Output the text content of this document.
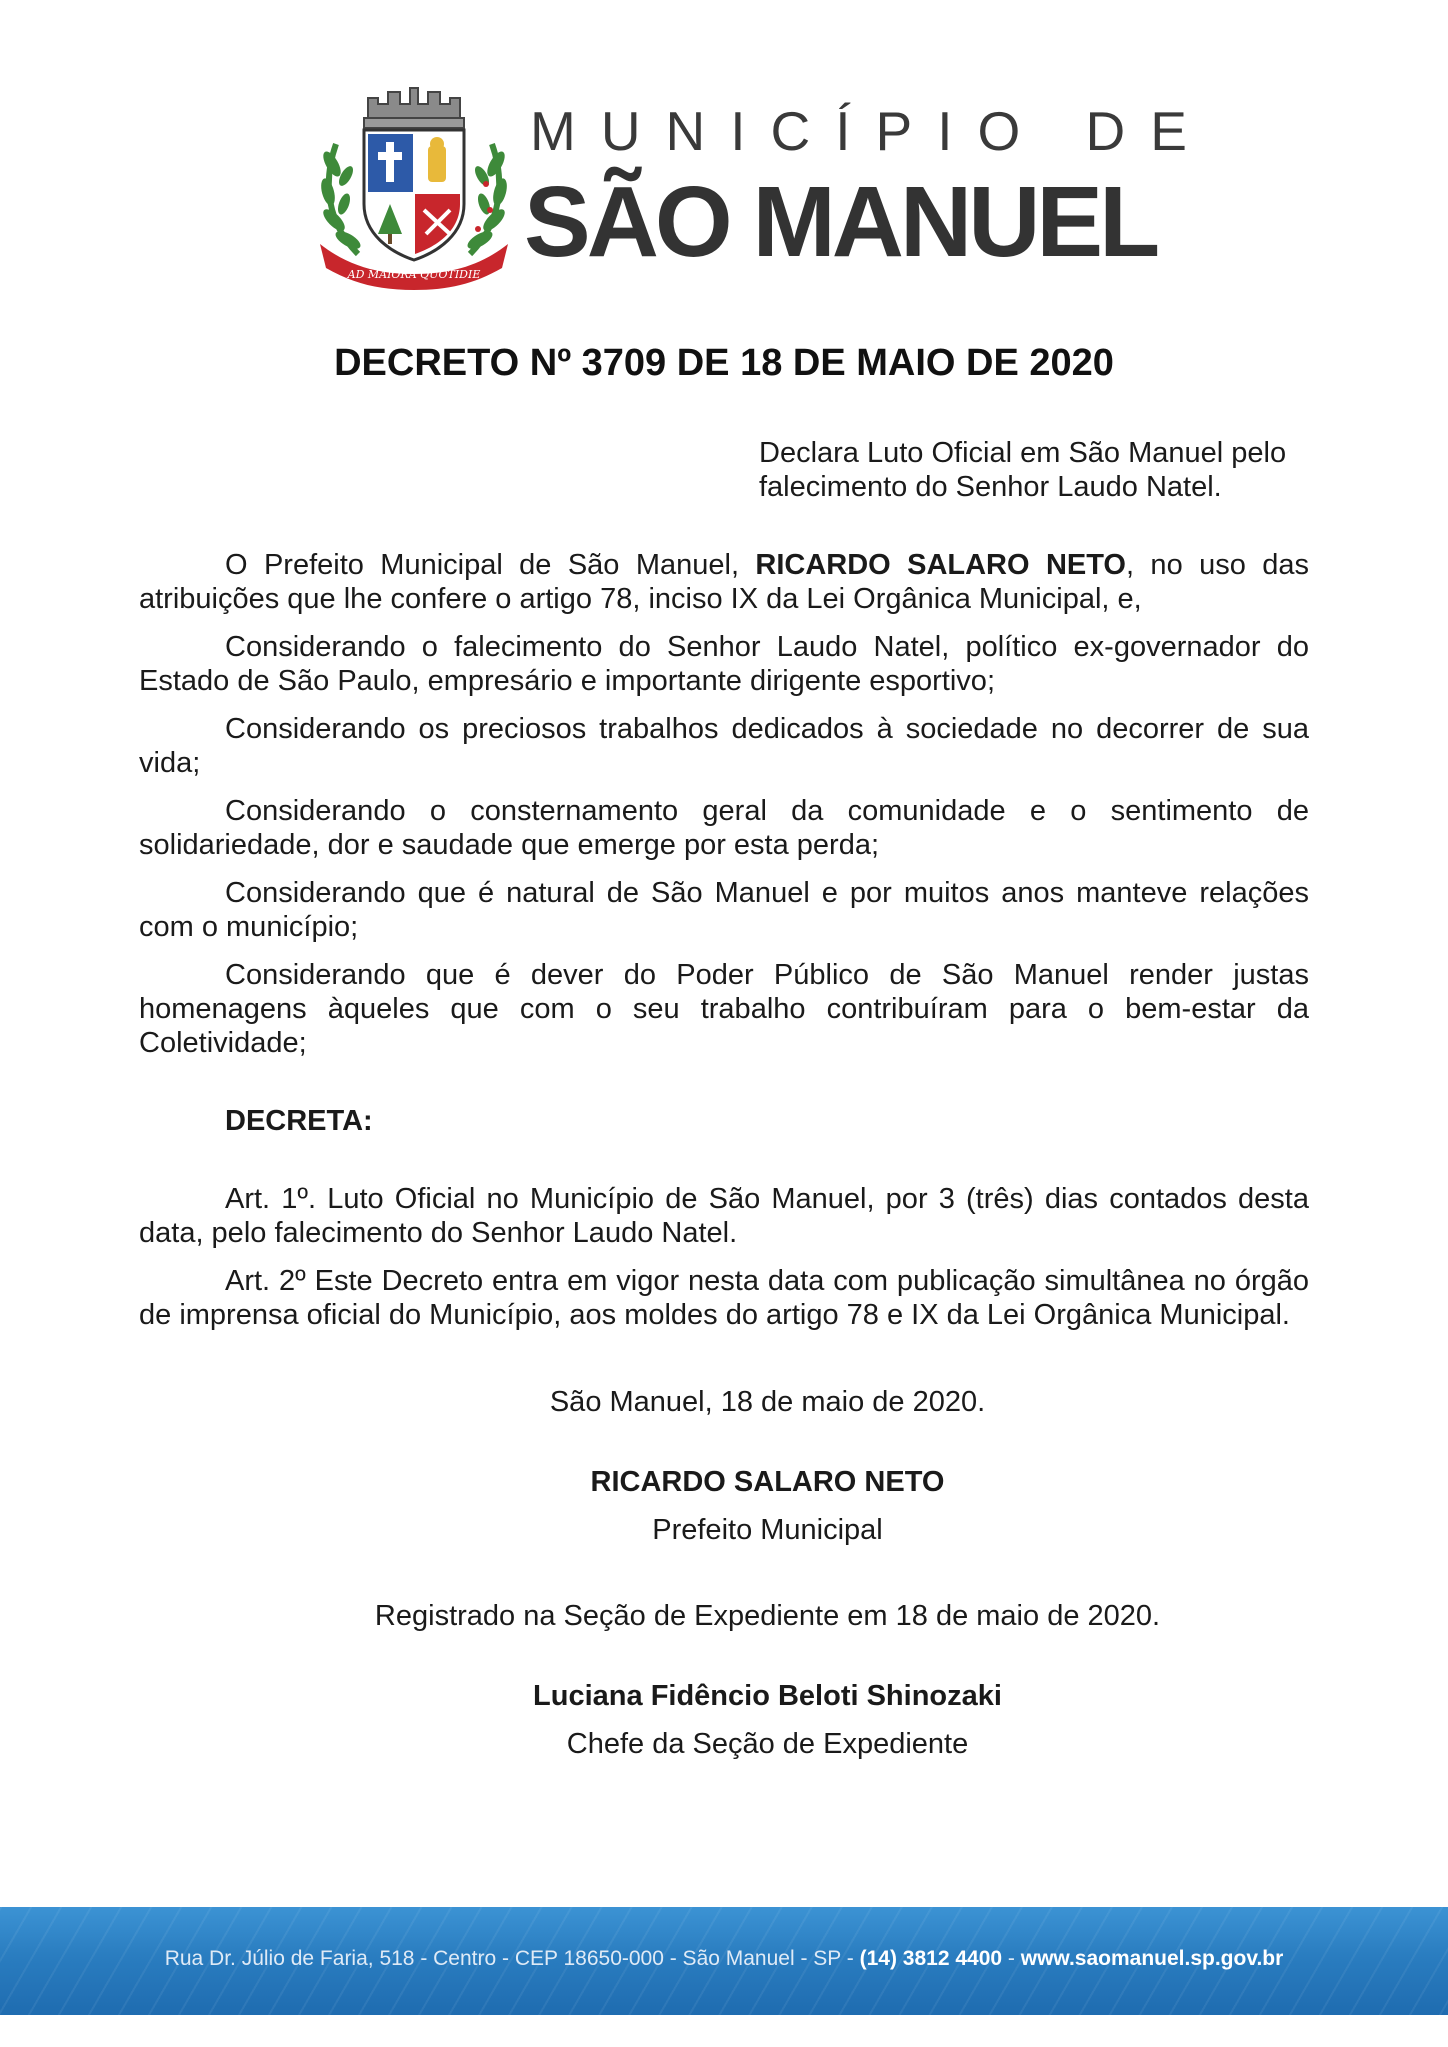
AD MAIORA QUOTIDIE
MUNICÍPIO DE
SÃO MANUEL
DECRETO Nº 3709 DE 18 DE MAIO DE 2020
Declara Luto Oficial em São Manuel pelo falecimento do Senhor Laudo Natel.

O Prefeito Municipal de São Manuel, RICARDO SALARO NETO, no uso das atribuições que lhe confere o artigo 78, inciso IX da Lei Orgânica Municipal, e,

Considerando o falecimento do Senhor Laudo Natel, político ex-governador do Estado de São Paulo, empresário e importante dirigente esportivo;

Considerando os preciosos trabalhos dedicados à sociedade no decorrer de sua vida;

Considerando o consternamento geral da comunidade e o sentimento de solidariedade, dor e saudade que emerge por esta perda;

Considerando que é natural de São Manuel e por muitos anos manteve relações com o município;

Considerando que é dever do Poder Público de São Manuel render justas homenagens àqueles que com o seu trabalho contribuíram para o bem-estar da Coletividade;

DECRETA:

Art. 1º. Luto Oficial no Município de São Manuel, por 3 (três) dias contados desta data, pelo falecimento do Senhor Laudo Natel.

Art. 2º Este Decreto entra em vigor nesta data com publicação simultânea no órgão de imprensa oficial do Município, aos moldes do artigo 78 e IX da Lei Orgânica Municipal.

São Manuel, 18 de maio de 2020.
RICARDO SALARO NETO
Prefeito Municipal
Registrado na Seção de Expediente em 18 de maio de 2020.
Luciana Fidêncio Beloti Shinozaki
Chefe da Seção de Expediente
Rua Dr. Júlio de Faria, 518 - Centro - CEP 18650-000 - São Manuel - SP - (14) 3812 4400 - www.saomanuel.sp.gov.br
